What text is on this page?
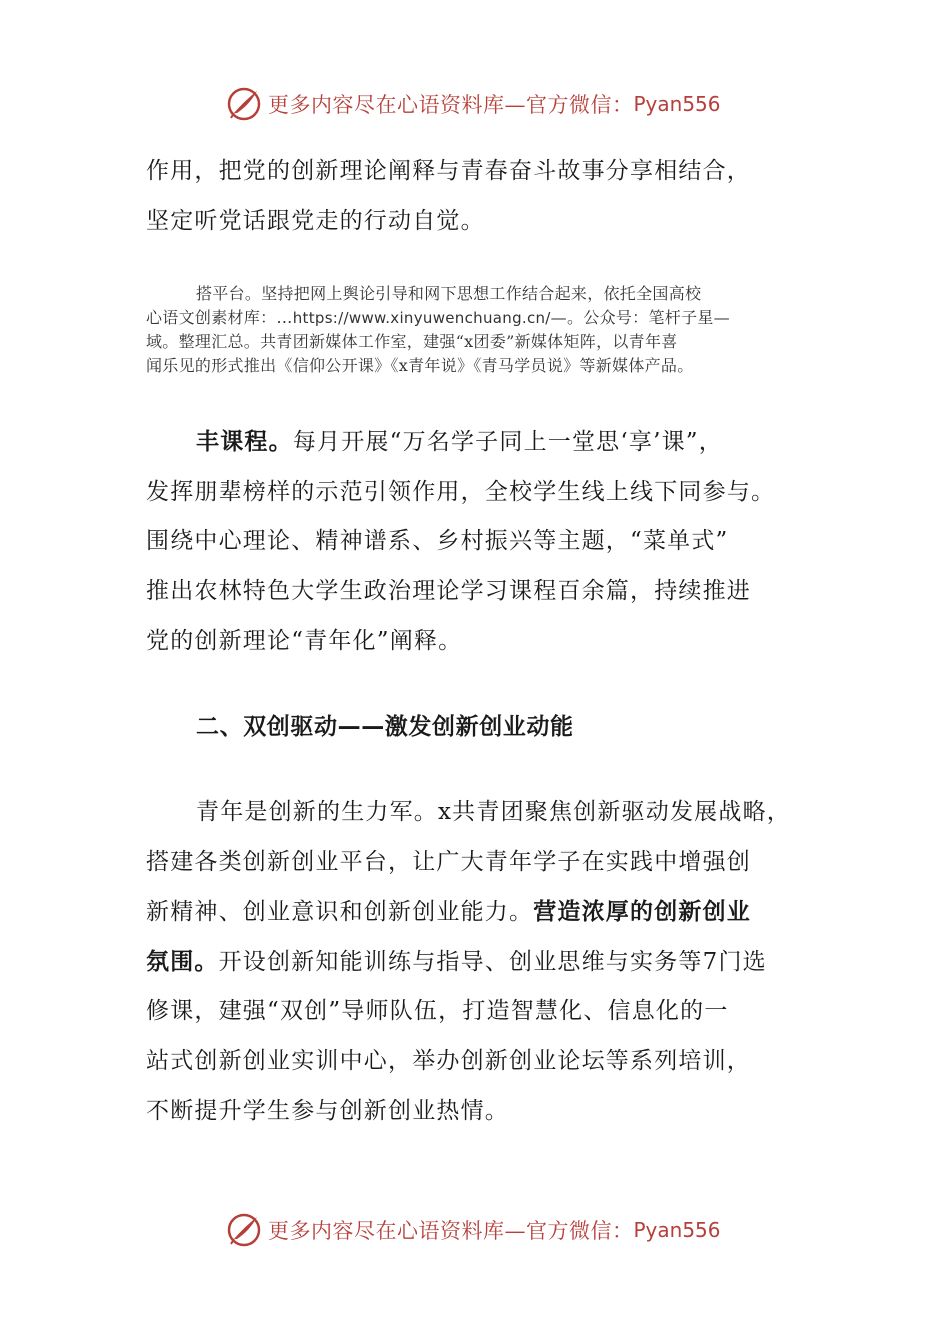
更多内容尽在心语资料库—官方微信： Pyan556
作用，把党的创新理论阐释与青春奋斗故事分享相结合，
坚定听党话跟党走的行动自觉。
搭平台。坚持把网上舆论引导和网下思想工作结合起来，依托全国高校
心语文创素材库：…https://www.xinyuwenchuang.cn/—。公众号：笔杆子星—
域。整理汇总。共青团新媒体工作室，建强“x团委”新媒体矩阵，以青年喜
闻乐见的形式推出《信仰公开课》《x青年说》《青马学员说》等新媒体产品。
丰课程。每月开展“万名学子同上一堂思‘享’课”，
发挥朋辈榜样的示范引领作用，全校学生线上线下同参与。
围绕中心理论、精神谱系、乡村振兴等主题，“菜单式”
推出农林特色大学生政治理论学习课程百余篇，持续推进
党的创新理论“青年化”阐释。
二、双创驱动——激发创新创业动能
青年是创新的生力军。x共青团聚焦创新驱动发展战略，
搭建各类创新创业平台，让广大青年学子在实践中增强创
新精神、创业意识和创新创业能力。营造浓厚的创新创业
氛围。开设创新知能训练与指导、创业思维与实务等7门选
修课，建强“双创”导师队伍，打造智慧化、信息化的一
站式创新创业实训中心，举办创新创业论坛等系列培训，
不断提升学生参与创新创业热情。
更多内容尽在心语资料库—官方微信： Pyan556
